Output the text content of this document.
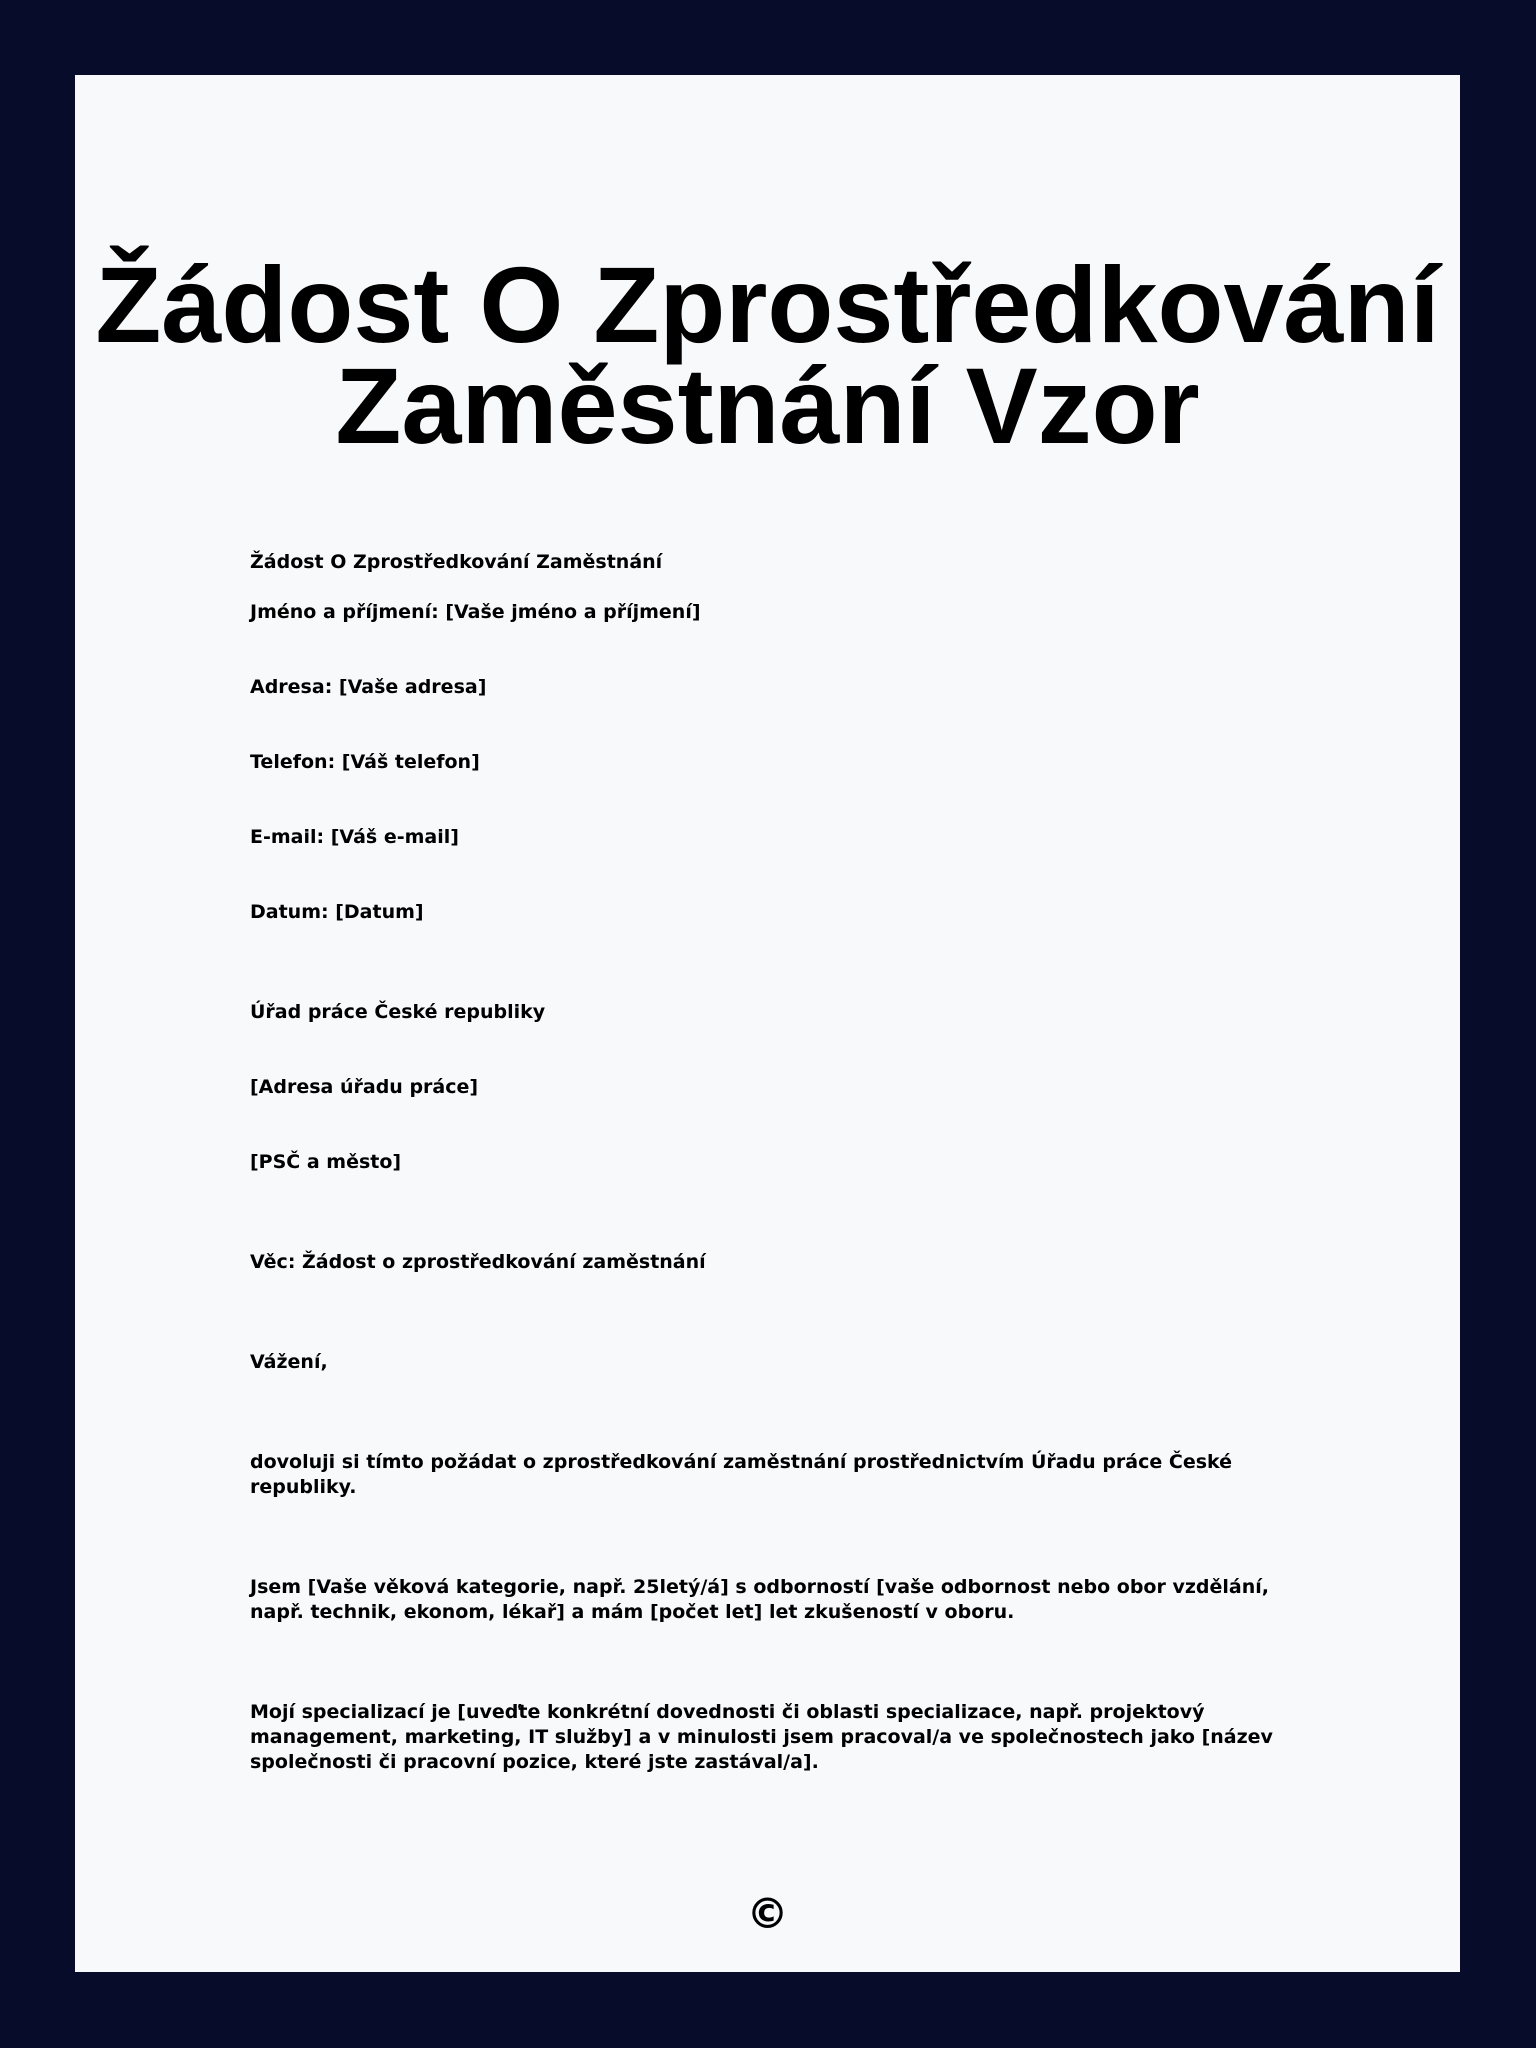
Žádost O Zprostředkování Zaměstnání Vzor

Žádost O Zprostředkování Zaměstnání

Jméno a příjmení: [Vaše jméno a příjmení]

Adresa: [Vaše adresa]

Telefon: [Váš telefon]

E-mail: [Váš e-mail]

Datum: [Datum]

Úřad práce České republiky

[Adresa úřadu práce]

[PSČ a město]

Věc: Žádost o zprostředkování zaměstnání

Vážení,

dovoluji si tímto požádat o zprostředkování zaměstnání prostřednictvím Úřadu práce České republiky.

Jsem [Vaše věková kategorie, např. 25letý/á] s odborností [vaše odbornost nebo obor vzdělání, např. technik, ekonom, lékař] a mám [počet let] let zkušeností v oboru.

Mojí specializací je [uveďte konkrétní dovednosti či oblasti specializace, např. projektový management, marketing, IT služby] a v minulosti jsem pracoval/a ve společnostech jako [název společnosti či pracovní pozice, které jste zastával/a].

©
